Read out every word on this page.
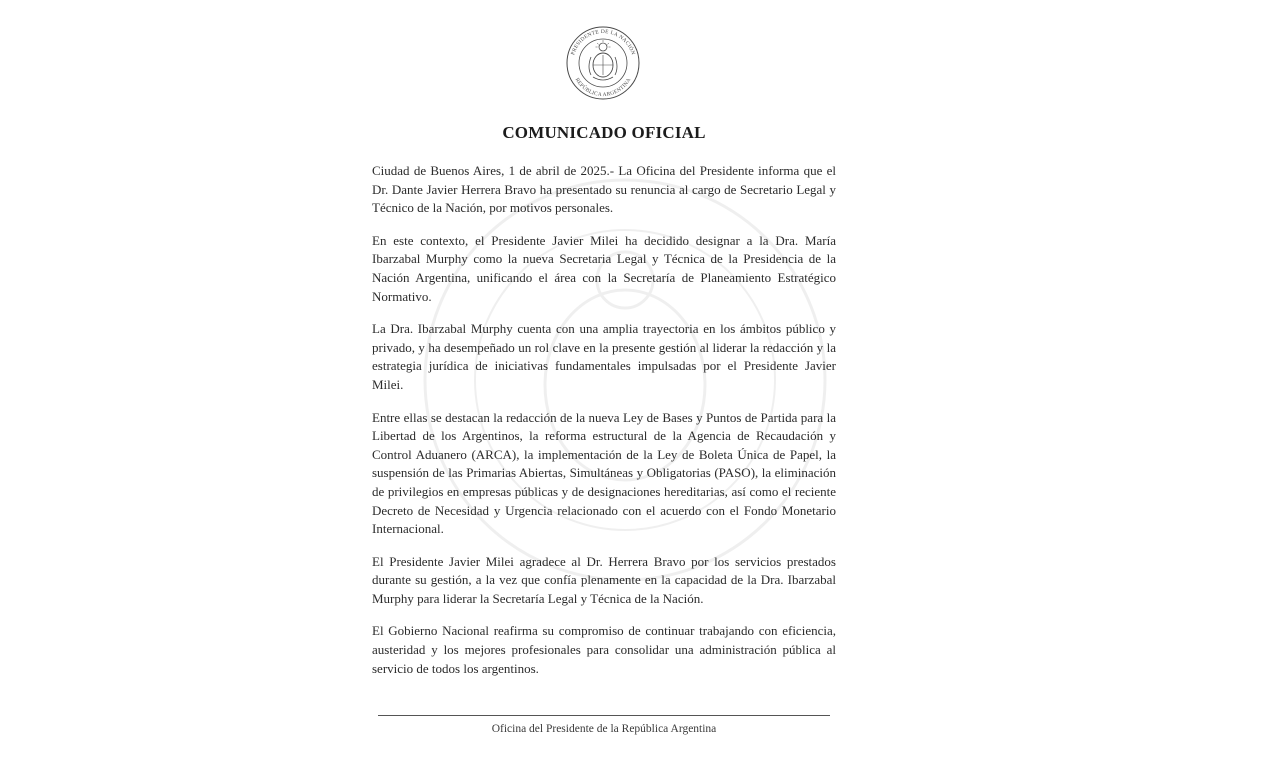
PRESIDENTE DE LA NACIÓN
REPÚBLICA ARGENTINA
COMUNICADO OFICIAL

Ciudad de Buenos Aires, 1 de abril de 2025.- La Oficina del Presidente informa que el Dr. Dante Javier Herrera Bravo ha presentado su renuncia al cargo de Secretario Legal y Técnico de la Nación, por motivos personales.

En este contexto, el Presidente Javier Milei ha decidido designar a la Dra. María Ibarzabal Murphy como la nueva Secretaria Legal y Técnica de la Presidencia de la Nación Argentina, unificando el área con la Secretaría de Planeamiento Estratégico Normativo.

La Dra. Ibarzabal Murphy cuenta con una amplia trayectoria en los ámbitos público y privado, y ha desempeñado un rol clave en la presente gestión al liderar la redacción y la estrategia jurídica de iniciativas fundamentales impulsadas por el Presidente Javier Milei.

Entre ellas se destacan la redacción de la nueva Ley de Bases y Puntos de Partida para la Libertad de los Argentinos, la reforma estructural de la Agencia de Recaudación y Control Aduanero (ARCA), la implementación de la Ley de Boleta Única de Papel, la suspensión de las Primarias Abiertas, Simultáneas y Obligatorias (PASO), la eliminación de privilegios en empresas públicas y de designaciones hereditarias, así como el reciente Decreto de Necesidad y Urgencia relacionado con el acuerdo con el Fondo Monetario Internacional.

El Presidente Javier Milei agradece al Dr. Herrera Bravo por los servicios prestados durante su gestión, a la vez que confía plenamente en la capacidad de la Dra. Ibarzabal Murphy para liderar la Secretaría Legal y Técnica de la Nación.

El Gobierno Nacional reafirma su compromiso de continuar trabajando con eficiencia, austeridad y los mejores profesionales para consolidar una administración pública al servicio de todos los argentinos.

Oficina del Presidente de la República Argentina
